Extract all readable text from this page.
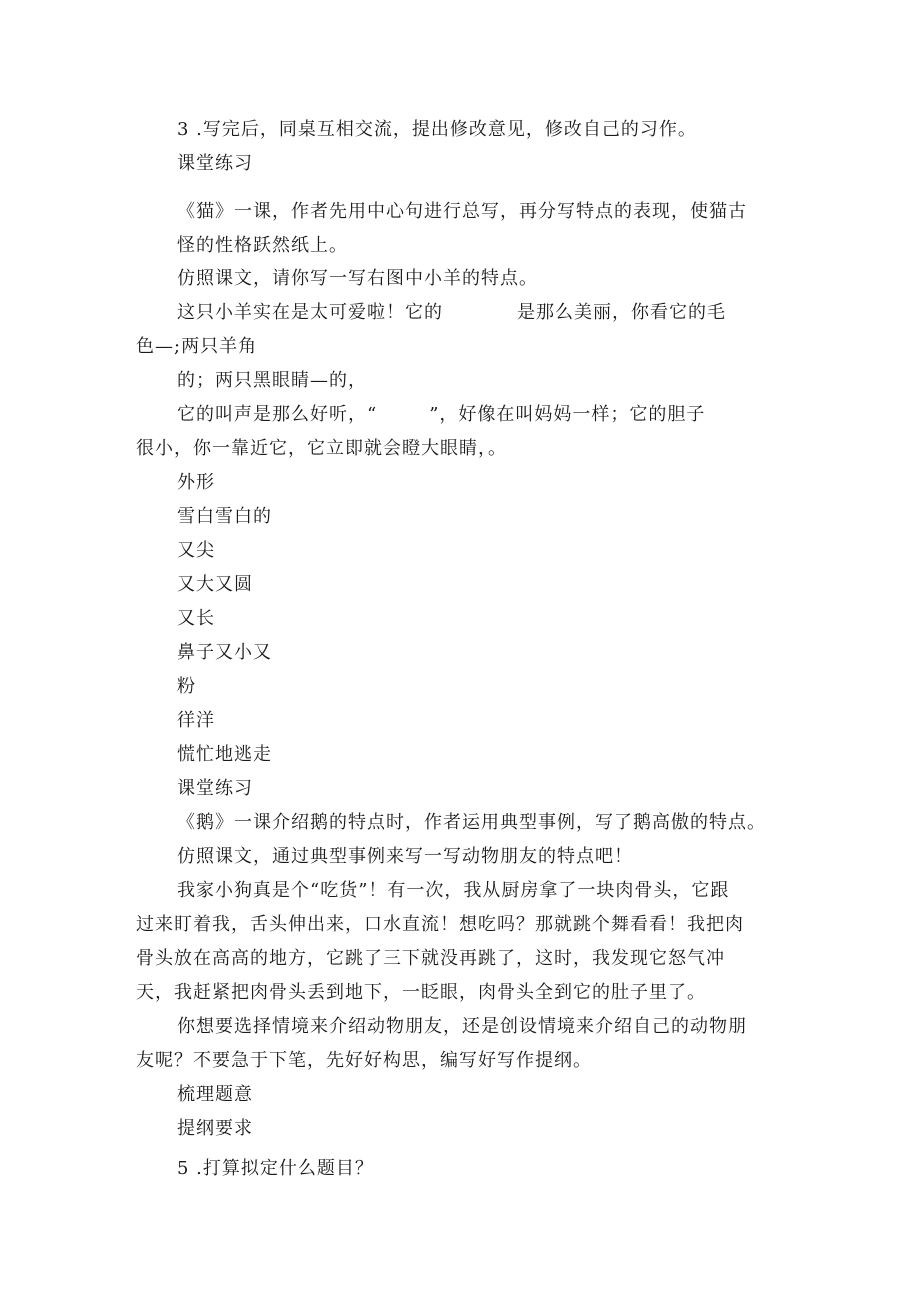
3 .写完后，同桌互相交流，提出修改意见，修改自己的习作。
课堂练习
《猫》一课，作者先用中心句进行总写，再分写特点的表现，使猫古
怪的性格跃然纸上。
仿照课文，请你写一写右图中小羊的特点。
这只小羊实在是太可爱啦！它的	是那么美丽，你看它的毛
色—;两只羊角
的；两只黑眼睛—的，
它的叫声是那么好听，“	”，好像在叫妈妈一样；它的胆子
很小，你一靠近它，它立即就会瞪大眼睛，。
外形
雪白雪白的
又尖
又大又圆
又长
鼻子又小又
粉
徉洋
慌忙地逃走
课堂练习
《鹅》一课介绍鹅的特点时，作者运用典型事例，写了鹅高傲的特点。
仿照课文，通过典型事例来写一写动物朋友的特点吧！
我家小狗真是个“吃货”！有一次，我从厨房拿了一块肉骨头，它跟
过来盯着我，舌头伸出来，口水直流！想吃吗？那就跳个舞看看！我把肉
骨头放在高高的地方，它跳了三下就没再跳了，这时，我发现它怒气冲
天，我赶紧把肉骨头丢到地下，一眨眼，肉骨头全到它的肚子里了。
你想要选择情境来介绍动物朋友，还是创设情境来介绍自己的动物朋
友呢？不要急于下笔，先好好构思，编写好写作提纲。
梳理题意
提纲要求
5 .打算拟定什么题目？
